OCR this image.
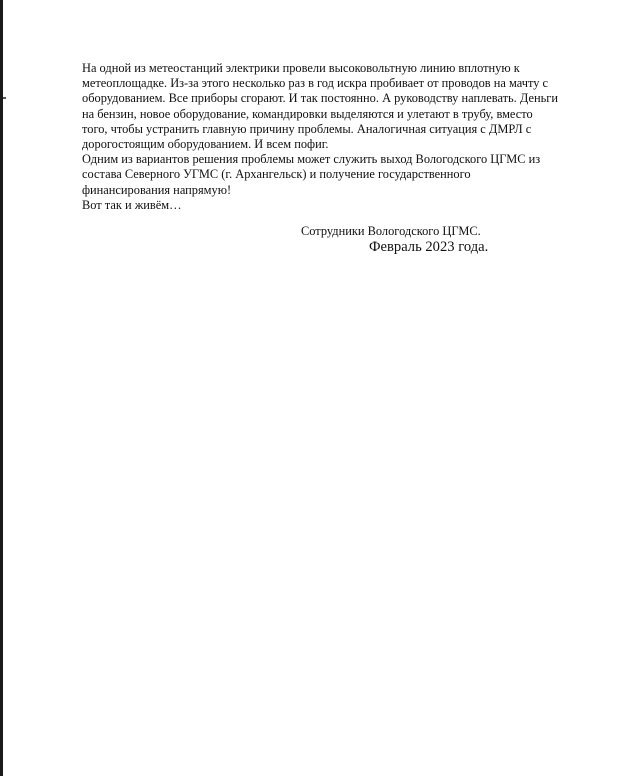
На одной из метеостанций электрики провели высоковольтную линию вплотную к
метеоплощадке. Из-за этого несколько раз в год искра пробивает от проводов на мачту с
оборудованием. Все приборы сгорают. И так постоянно. А руководству наплевать. Деньги
на бензин, новое оборудование, командировки выделяются и улетают в трубу, вместо
того, чтобы устранить главную причину проблемы. Аналогичная ситуация с ДМРЛ с
дорогостоящим оборудованием. И всем пофиг.
Одним из вариантов решения проблемы может служить выход Вологодского ЦГМС из
состава Северного УГМС (г. Архангельск) и получение государственного
финансирования напрямую!
Вот так и живём…
Сотрудники Вологодского ЦГМС.
Февраль 2023 года.
